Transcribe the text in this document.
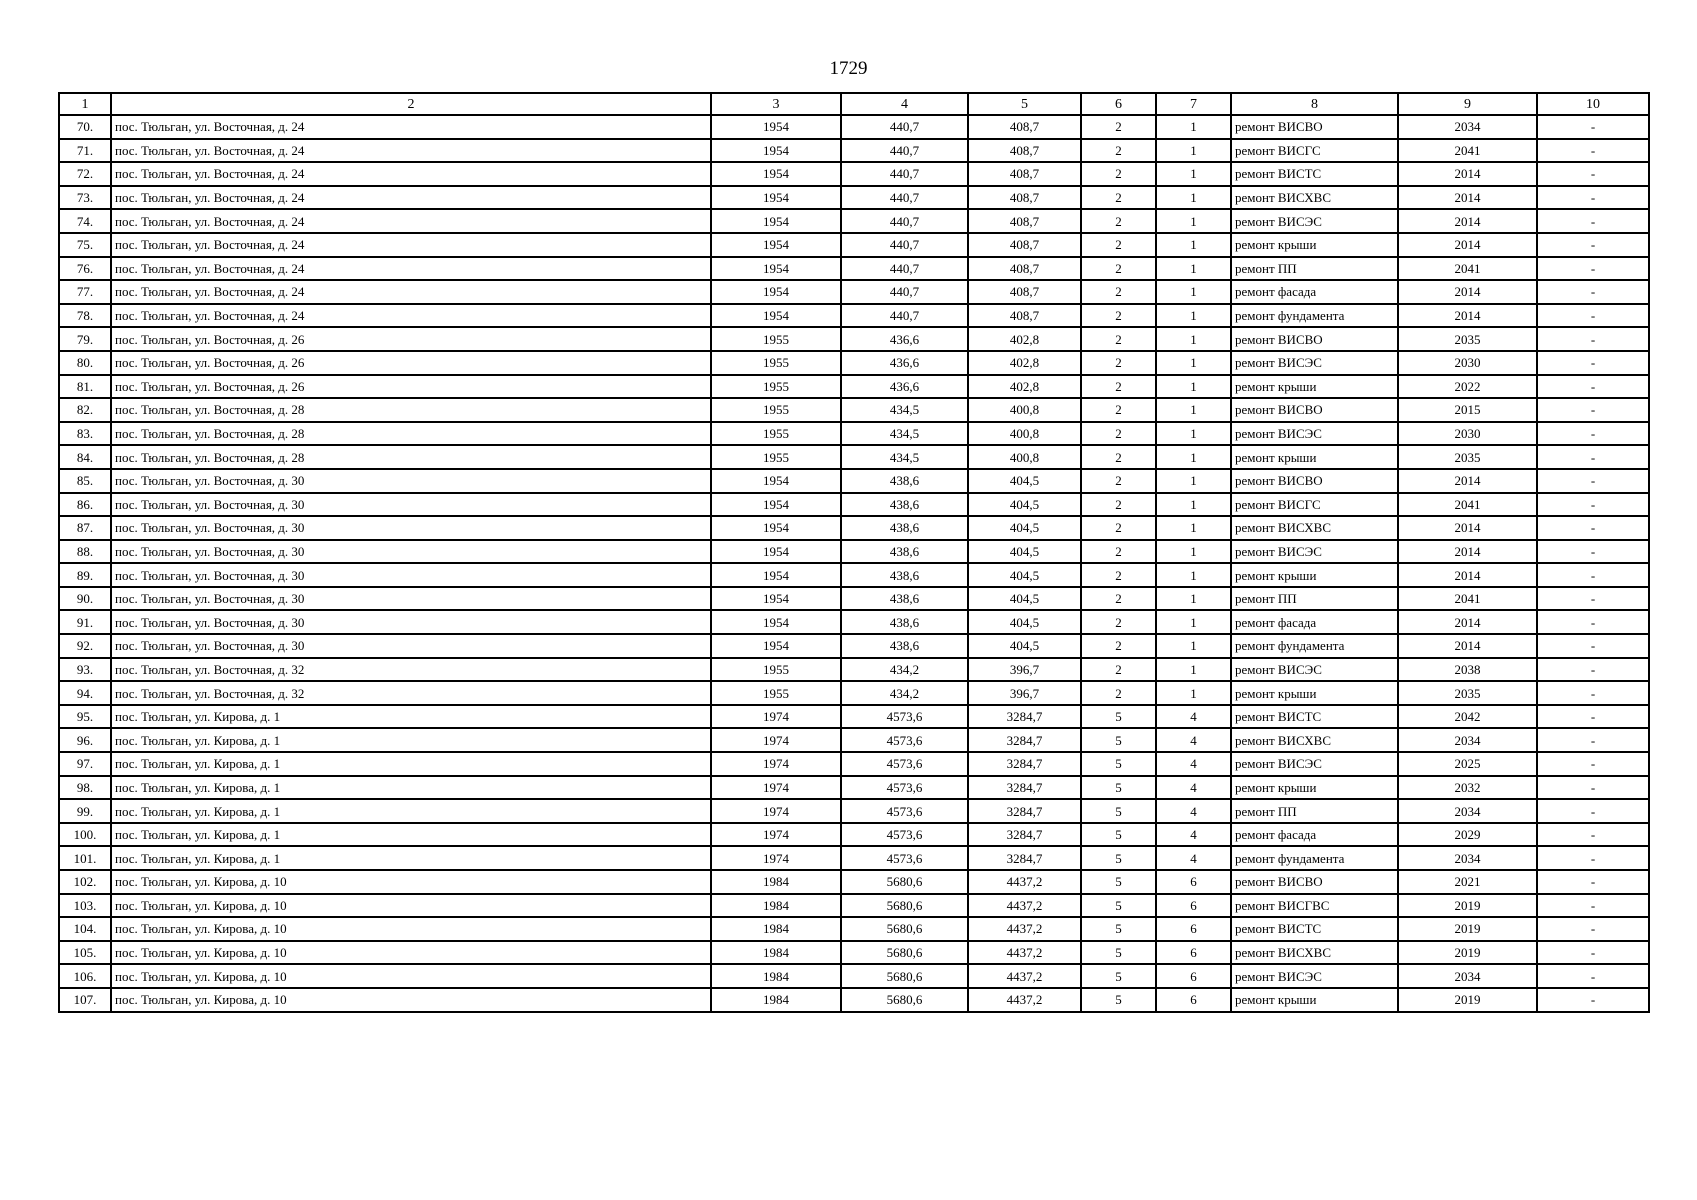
1729
1	2	3	4	5	6	7	8	9	10
70.	пос. Тюльган, ул. Восточная, д. 24	1954	440,7	408,7	2	1	ремонт ВИСВО	2034	-
71.	пос. Тюльган, ул. Восточная, д. 24	1954	440,7	408,7	2	1	ремонт ВИСГС	2041	-
72.	пос. Тюльган, ул. Восточная, д. 24	1954	440,7	408,7	2	1	ремонт ВИСТС	2014	-
73.	пос. Тюльган, ул. Восточная, д. 24	1954	440,7	408,7	2	1	ремонт ВИСХВС	2014	-
74.	пос. Тюльган, ул. Восточная, д. 24	1954	440,7	408,7	2	1	ремонт ВИСЭС	2014	-
75.	пос. Тюльган, ул. Восточная, д. 24	1954	440,7	408,7	2	1	ремонт крыши	2014	-
76.	пос. Тюльган, ул. Восточная, д. 24	1954	440,7	408,7	2	1	ремонт ПП	2041	-
77.	пос. Тюльган, ул. Восточная, д. 24	1954	440,7	408,7	2	1	ремонт фасада	2014	-
78.	пос. Тюльган, ул. Восточная, д. 24	1954	440,7	408,7	2	1	ремонт фундамента	2014	-
79.	пос. Тюльган, ул. Восточная, д. 26	1955	436,6	402,8	2	1	ремонт ВИСВО	2035	-
80.	пос. Тюльган, ул. Восточная, д. 26	1955	436,6	402,8	2	1	ремонт ВИСЭС	2030	-
81.	пос. Тюльган, ул. Восточная, д. 26	1955	436,6	402,8	2	1	ремонт крыши	2022	-
82.	пос. Тюльган, ул. Восточная, д. 28	1955	434,5	400,8	2	1	ремонт ВИСВО	2015	-
83.	пос. Тюльган, ул. Восточная, д. 28	1955	434,5	400,8	2	1	ремонт ВИСЭС	2030	-
84.	пос. Тюльган, ул. Восточная, д. 28	1955	434,5	400,8	2	1	ремонт крыши	2035	-
85.	пос. Тюльган, ул. Восточная, д. 30	1954	438,6	404,5	2	1	ремонт ВИСВО	2014	-
86.	пос. Тюльган, ул. Восточная, д. 30	1954	438,6	404,5	2	1	ремонт ВИСГС	2041	-
87.	пос. Тюльган, ул. Восточная, д. 30	1954	438,6	404,5	2	1	ремонт ВИСХВС	2014	-
88.	пос. Тюльган, ул. Восточная, д. 30	1954	438,6	404,5	2	1	ремонт ВИСЭС	2014	-
89.	пос. Тюльган, ул. Восточная, д. 30	1954	438,6	404,5	2	1	ремонт крыши	2014	-
90.	пос. Тюльган, ул. Восточная, д. 30	1954	438,6	404,5	2	1	ремонт ПП	2041	-
91.	пос. Тюльган, ул. Восточная, д. 30	1954	438,6	404,5	2	1	ремонт фасада	2014	-
92.	пос. Тюльган, ул. Восточная, д. 30	1954	438,6	404,5	2	1	ремонт фундамента	2014	-
93.	пос. Тюльган, ул. Восточная, д. 32	1955	434,2	396,7	2	1	ремонт ВИСЭС	2038	-
94.	пос. Тюльган, ул. Восточная, д. 32	1955	434,2	396,7	2	1	ремонт крыши	2035	-
95.	пос. Тюльган, ул. Кирова, д. 1	1974	4573,6	3284,7	5	4	ремонт ВИСТС	2042	-
96.	пос. Тюльган, ул. Кирова, д. 1	1974	4573,6	3284,7	5	4	ремонт ВИСХВС	2034	-
97.	пос. Тюльган, ул. Кирова, д. 1	1974	4573,6	3284,7	5	4	ремонт ВИСЭС	2025	-
98.	пос. Тюльган, ул. Кирова, д. 1	1974	4573,6	3284,7	5	4	ремонт крыши	2032	-
99.	пос. Тюльган, ул. Кирова, д. 1	1974	4573,6	3284,7	5	4	ремонт ПП	2034	-
100.	пос. Тюльган, ул. Кирова, д. 1	1974	4573,6	3284,7	5	4	ремонт фасада	2029	-
101.	пос. Тюльган, ул. Кирова, д. 1	1974	4573,6	3284,7	5	4	ремонт фундамента	2034	-
102.	пос. Тюльган, ул. Кирова, д. 10	1984	5680,6	4437,2	5	6	ремонт ВИСВО	2021	-
103.	пос. Тюльган, ул. Кирова, д. 10	1984	5680,6	4437,2	5	6	ремонт ВИСГВС	2019	-
104.	пос. Тюльган, ул. Кирова, д. 10	1984	5680,6	4437,2	5	6	ремонт ВИСТС	2019	-
105.	пос. Тюльган, ул. Кирова, д. 10	1984	5680,6	4437,2	5	6	ремонт ВИСХВС	2019	-
106.	пос. Тюльган, ул. Кирова, д. 10	1984	5680,6	4437,2	5	6	ремонт ВИСЭС	2034	-
107.	пос. Тюльган, ул. Кирова, д. 10	1984	5680,6	4437,2	5	6	ремонт крыши	2019	-
